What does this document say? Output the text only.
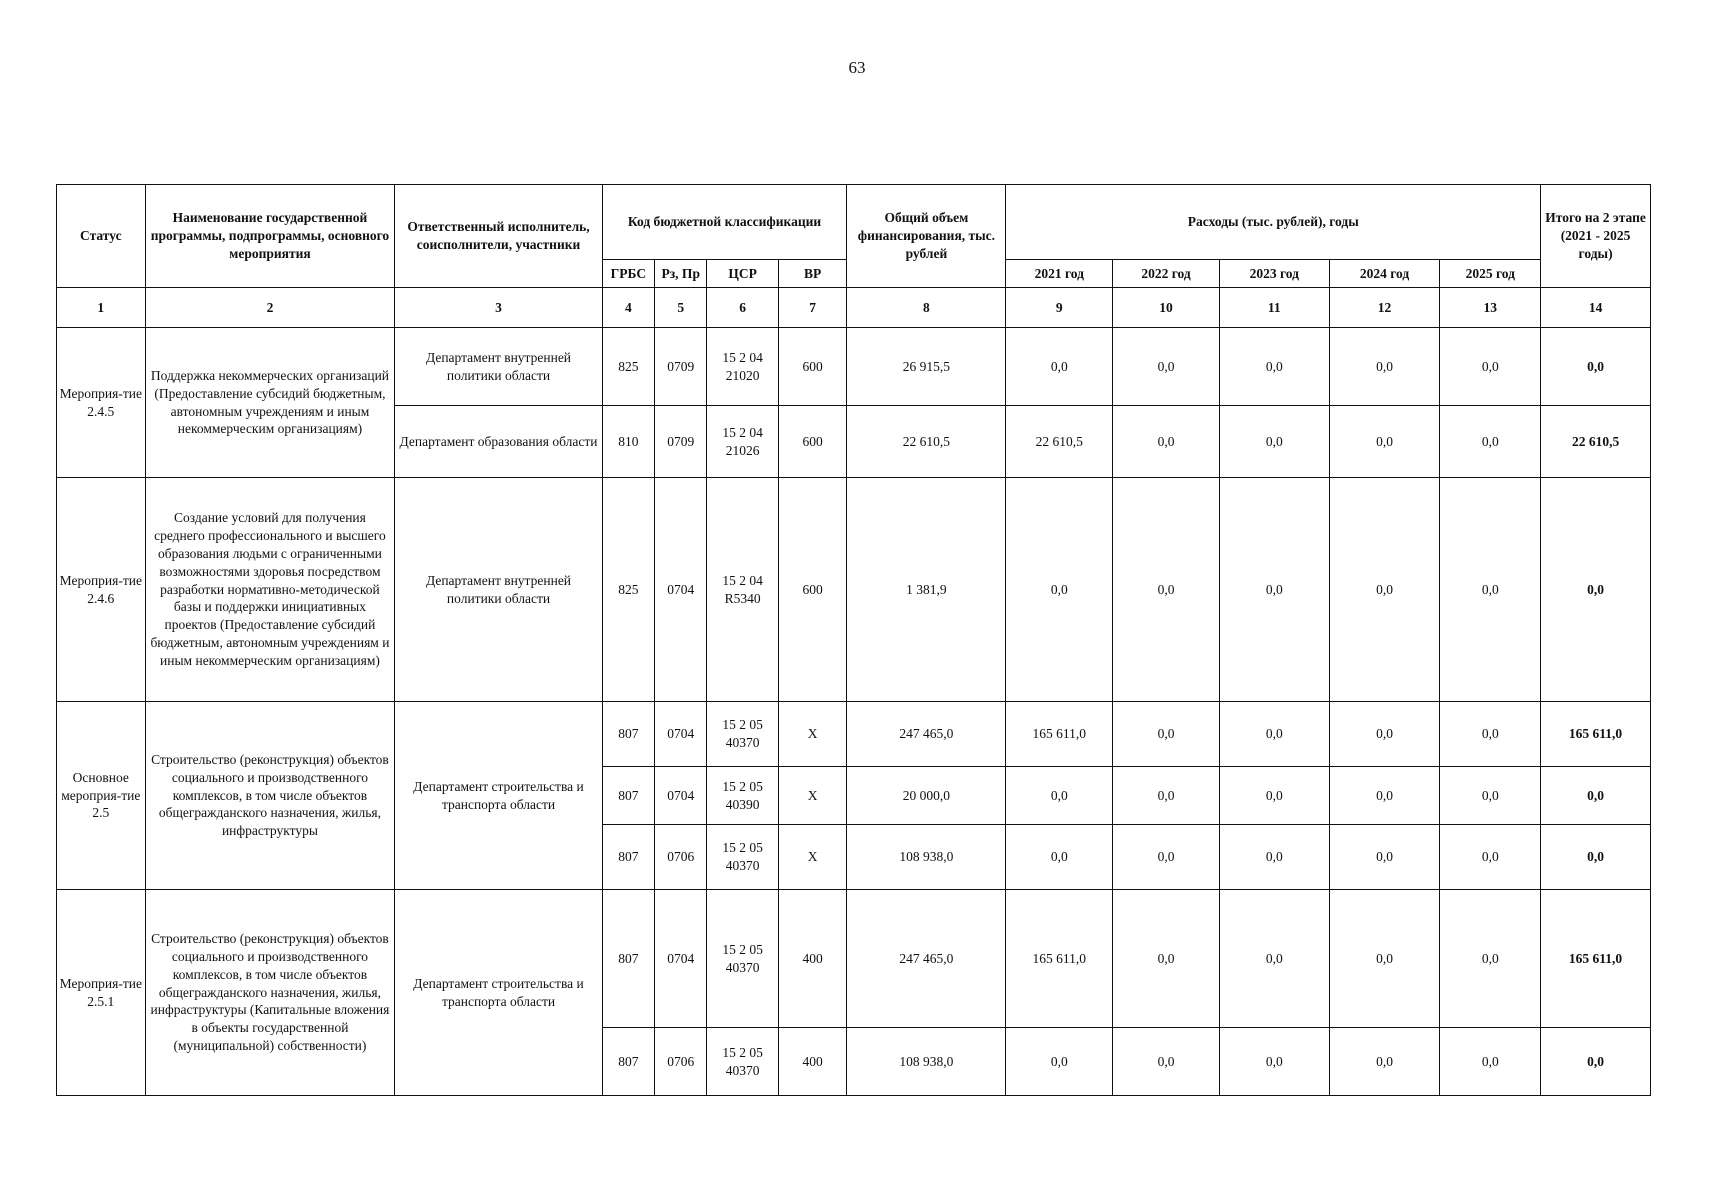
63
Статус	Наименование государственной программы, подпрограммы, основного мероприятия	Ответственный исполнитель, соисполнители, участники	Код бюджетной классификации				Общий объем финансирования, тыс. рублей	Расходы (тыс. рублей), годы					Итого на 2 этапе (2021 - 2025 годы)
			ГРБС	Рз, Пр	ЦСР	ВР		2021 год	2022 год	2023 год	2024 год	2025 год	
1	2	3	4	5	6	7	8	9	10	11	12	13	14
Мероприя-тие 2.4.5	Поддержка некоммерческих организаций (Предоставление субсидий бюджетным, автономным учреждениям и иным некоммерческим организациям)	Департамент внутренней политики области	825	0709	15 2 04 21020	600	26 915,5	0,0	0,0	0,0	0,0	0,0	0,0
		Департамент образования области	810	0709	15 2 04 21026	600	22 610,5	22 610,5	0,0	0,0	0,0	0,0	22 610,5
Мероприя-тие 2.4.6	Создание условий для получения среднего профессионального и высшего образования людьми с ограниченными возможностями здоровья посредством разработки нормативно-методической базы и поддержки инициативных проектов (Предоставление субсидий бюджетным, автономным учреждениям и иным некоммерческим организациям)	Департамент внутренней политики области	825	0704	15 2 04 R5340	600	1 381,9	0,0	0,0	0,0	0,0	0,0	0,0
Основное мероприя-тие 2.5	Строительство (реконструкция) объектов социального и производственного комплексов, в том числе объектов общегражданского назначения, жилья, инфраструктуры	Департамент строительства и транспорта области	807	0704	15 2 05 40370	Х	247 465,0	165 611,0	0,0	0,0	0,0	0,0	165 611,0
			807	0704	15 2 05 40390	Х	20 000,0	0,0	0,0	0,0	0,0	0,0	0,0
			807	0706	15 2 05 40370	Х	108 938,0	0,0	0,0	0,0	0,0	0,0	0,0
Мероприя-тие 2.5.1	Строительство (реконструкция) объектов социального и производственного комплексов, в том числе объектов общегражданского назначения, жилья, инфраструктуры (Капитальные вложения в объекты государственной (муниципальной) собственности)	Департамент строительства и транспорта области	807	0704	15 2 05 40370	400	247 465,0	165 611,0	0,0	0,0	0,0	0,0	165 611,0
			807	0706	15 2 05 40370	400	108 938,0	0,0	0,0	0,0	0,0	0,0	0,0
